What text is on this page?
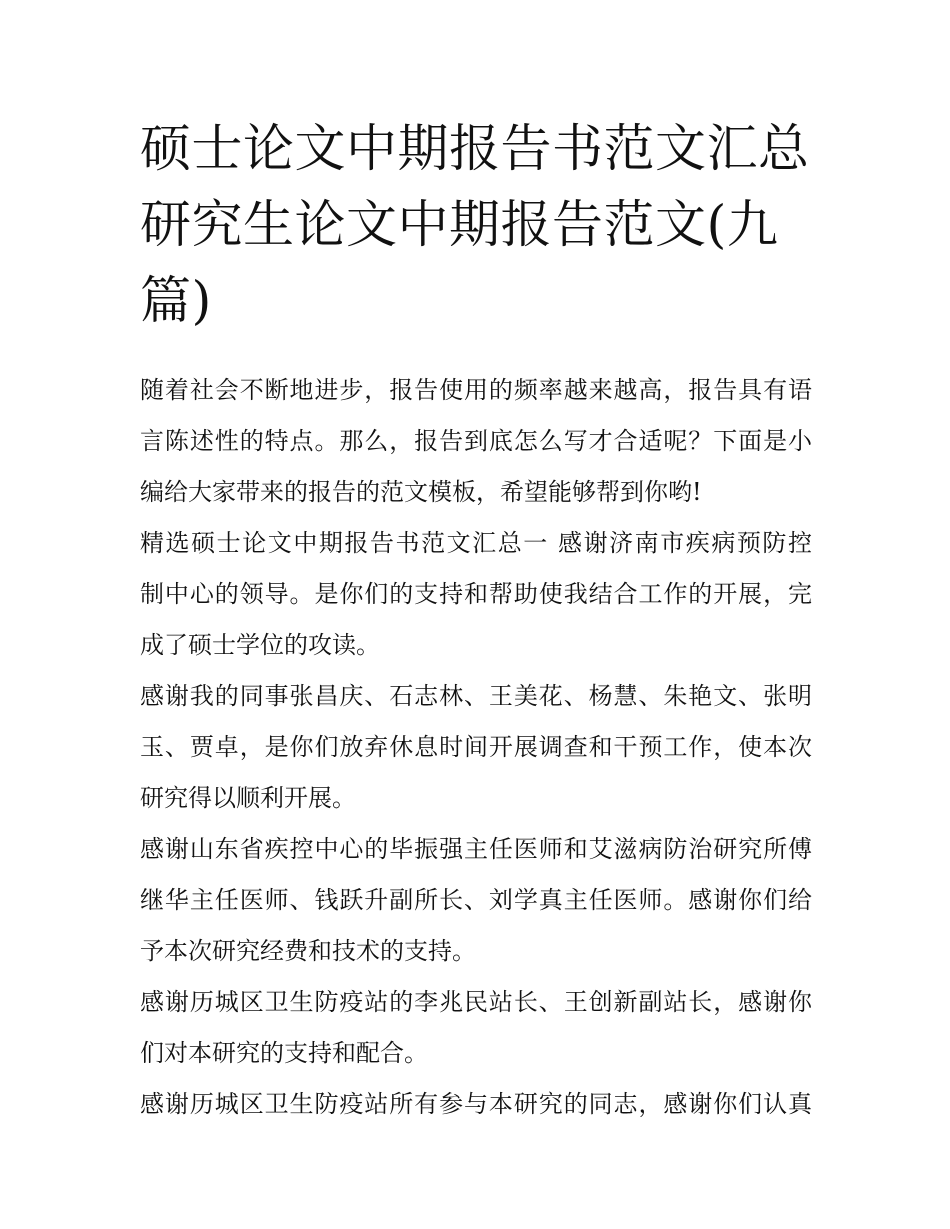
硕士论文中期报告书范文汇总
研究生论文中期报告范文(九
篇)

随着社会不断地进步，报告使用的频率越来越高，报告具有语
言陈述性的特点。那么，报告到底怎么写才合适呢？下面是小
编给大家带来的报告的范文模板，希望能够帮到你哟!

精选硕士论文中期报告书范文汇总一 感谢济南市疾病预防控
制中心的领导。是你们的支持和帮助使我结合工作的开展，完
成了硕士学位的攻读。

感谢我的同事张昌庆、石志林、王美花、杨慧、朱艳文、张明
玉、贾卓，是你们放弃休息时间开展调查和干预工作，使本次
研究得以顺利开展。

感谢山东省疾控中心的毕振强主任医师和艾滋病防治研究所傅
继华主任医师、钱跃升副所长、刘学真主任医师。感谢你们给
予本次研究经费和技术的支持。

感谢历城区卫生防疫站的李兆民站长、王创新副站长，感谢你
们对本研究的支持和配合。

感谢历城区卫生防疫站所有参与本研究的同志，感谢你们认真
